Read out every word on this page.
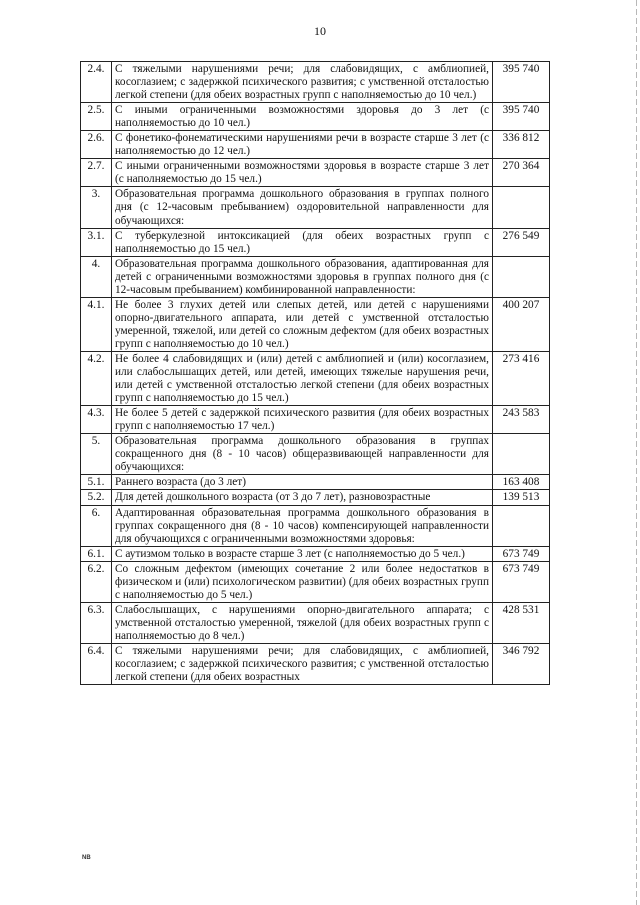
10
2.4.	С тяжелыми нарушениями речи; для слабовидящих, с амблиопией, косоглазием; с задержкой психического развития; с умственной отсталостью легкой степени (для обеих возрастных групп с наполняемостью до 10 чел.)	395 740
2.5.	С иными ограниченными возможностями здоровья до 3 лет (с наполняемостью до 10 чел.)	395 740
2.6.	С фонетико-фонематическими нарушениями речи в возрасте старше 3 лет (с наполняемостью до 12 чел.)	336 812
2.7.	С иными ограниченными возможностями здоровья в возрасте старше 3 лет (с наполняемостью до 15 чел.)	270 364
3.	Образовательная программа дошкольного образования в группах полного дня (с 12-часовым пребыванием) оздоровительной направленности для обучающихся:	
3.1.	С туберкулезной интоксикацией (для обеих возрастных групп с наполняемостью до 15 чел.)	276 549
4.	Образовательная программа дошкольного образования, адаптированная для детей с ограниченными возможностями здоровья в группах полного дня (с 12-часовым пребыванием) комбинированной направленности:	
4.1.	Не более 3 глухих детей или слепых детей, или детей с нарушениями опорно-двигательного аппарата, или детей с умственной отсталостью умеренной, тяжелой, или детей со сложным дефектом (для обеих возрастных групп с наполняемостью до 10 чел.)	400 207
4.2.	Не более 4 слабовидящих и (или) детей с амблиопией и (или) косоглазием, или слабослышащих детей, или детей, имеющих тяжелые нарушения речи, или детей с умственной отсталостью легкой степени (для обеих возрастных групп с наполняемостью до 15 чел.)	273 416
4.3.	Не более 5 детей с задержкой психического развития (для обеих возрастных групп с наполняемостью 17 чел.)	243 583
5.	Образовательная программа дошкольного образования в группах сокращенного дня (8 - 10 часов) общеразвивающей направленности для обучающихся:	
5.1.	Раннего возраста (до 3 лет)	163 408
5.2.	Для детей дошкольного возраста (от 3 до 7 лет), разновозрастные	139 513
6.	Адаптированная образовательная программа дошкольного образования в группах сокращенного дня (8 - 10 часов) компенсирующей направленности для обучающихся с ограниченными возможностями здоровья:	
6.1.	С аутизмом только в возрасте старше 3 лет (с наполняемостью до 5 чел.)	673 749
6.2.	Со сложным дефектом (имеющих сочетание 2 или более недостатков в физическом и (или) психологическом развитии) (для обеих возрастных групп с наполняемостью до 5 чел.)	673 749
6.3.	Слабослышащих, с нарушениями опорно-двигательного аппарата; с умственной отсталостью умеренной, тяжелой (для обеих возрастных групп с наполняемостью до 8 чел.)	428 531
6.4.	С тяжелыми нарушениями речи; для слабовидящих, с амблиопией, косоглазием; с задержкой психического развития; с умственной отсталостью легкой степени (для обеих возрастных	346 792
NB
